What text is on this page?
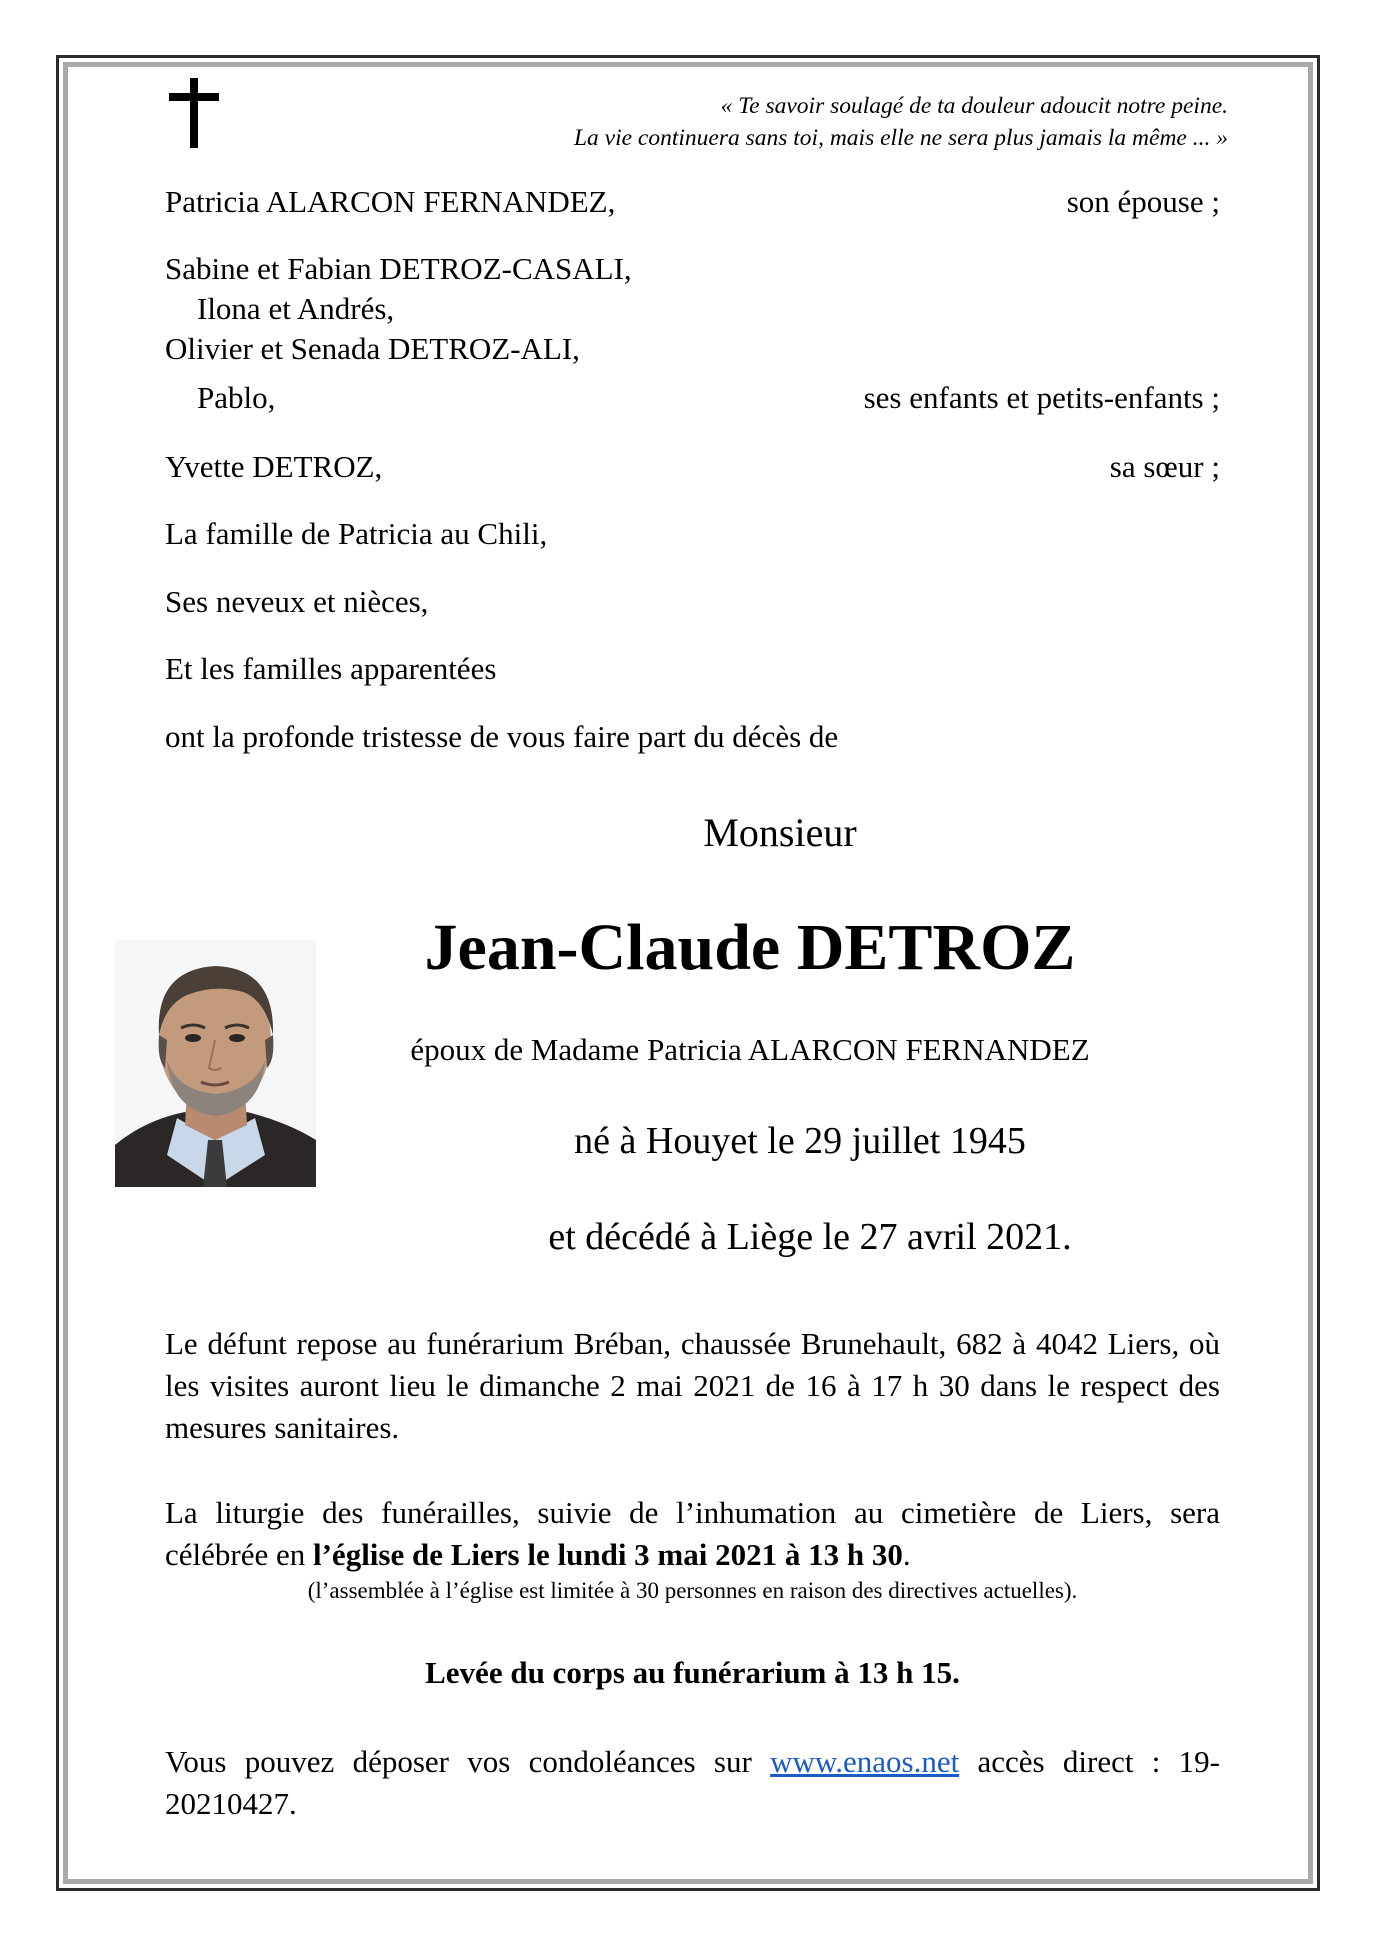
« Te savoir soulagé de ta douleur adoucit notre peine.
La vie continuera sans toi, mais elle ne sera plus jamais la même ... »
Patricia ALARCON FERNANDEZ,	son épouse ;
Sabine et Fabian DETROZ-CASALI,
Ilona et Andrés,
Olivier et Senada DETROZ-ALI,
Pablo,	ses enfants et petits-enfants ;
Yvette DETROZ,	sa sœur ;
La famille de Patricia au Chili,
Ses neveux et nièces,
Et les familles apparentées
ont la profonde tristesse de vous faire part du décès de
Monsieur
Jean-Claude DETROZ
époux de Madame Patricia ALARCON FERNANDEZ
né à Houyet le 29 juillet 1945
et décédé à Liège le 27 avril 2021.
Le défunt repose au funérarium Bréban, chaussée Brunehault, 682 à 4042 Liers, où les visites auront lieu le dimanche 2 mai 2021 de 16 à 17 h 30 dans le respect des mesures sanitaires.
La liturgie des funérailles, suivie de l’inhumation au cimetière de Liers, sera célébrée en l’église de Liers le lundi 3 mai 2021 à 13 h 30.
(l’assemblée à l’église est limitée à 30 personnes en raison des directives actuelles).
Levée du corps au funérarium à 13 h 15.
Vous pouvez déposer vos condoléances sur www.enaos.net accès direct : 19-20210427.
